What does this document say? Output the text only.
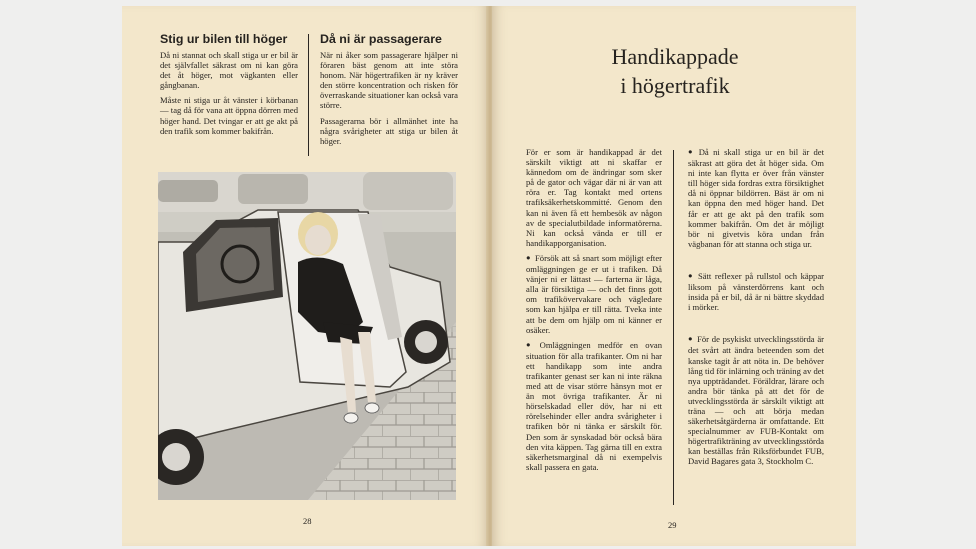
Stig ur bilen till höger

Då ni stannat och skall stiga ur er bil är det självfallet säkrast om ni kan göra det åt höger, mot vägkanten eller gångbanan.

Måste ni stiga ur åt vänster i körbanan — tag då för vana att öppna dörren med höger hand. Det tvingar er att ge akt på den trafik som kommer bakifrån.

Då ni är passagerare

När ni åker som passagerare hjälper ni föraren bäst genom att inte störa honom. När högertrafiken är ny kräver den större koncentration och risken för överraskande situationer kan också vara större.

Passagerarna bör i allmänhet inte ha några svårigheter att stiga ur bilen åt höger.

28
Handikappade
i högertrafik

För er som är handikappad är det särskilt viktigt att ni skaffar er kännedom om de ändringar som sker på de gator och vägar där ni är van att röra er. Tag kontakt med ortens trafiksäkerhetskommitté. Genom den kan ni även få ett hembesök av någon av de specialutbildade informatörerna. Ni kan också vända er till er handikapporganisation.

● Försök att så snart som möjligt efter omläggningen ge er ut i trafiken. Då vänjer ni er lättast — farterna är låga, alla är försiktiga — och det finns gott om trafikövervakare och vägledare som kan hjälpa er till rätta. Tveka inte att be dem om hjälp om ni känner er osäker.

● Omläggningen medför en ovan situation för alla trafikanter. Om ni har ett handikapp som inte andra trafikanter genast ser kan ni inte räkna med att de visar större hänsyn mot er än mot övriga trafikanter. Är ni hörselskadad eller döv, har ni ett rörelsehinder eller andra svårigheter i trafiken bör ni tänka er särskilt för. Den som är synskadad bör också bära den vita käppen. Tag gärna till en extra säkerhetsmarginal då ni exempelvis skall passera en gata.

● Då ni skall stiga ur en bil är det säkrast att göra det åt höger sida. Om ni inte kan flytta er över från vänster till höger sida fordras extra försiktighet då ni öppnar bildörren. Bäst är om ni kan öppna den med höger hand. Det får er att ge akt på den trafik som kommer bakifrån. Om det är möjligt bör ni givetvis köra undan från vägbanan för att stanna och stiga ur.

● Sätt reflexer på rullstol och käppar liksom på vänsterdörrens kant och insida på er bil, då är ni bättre skyddad i mörker.

● För de psykiskt utvecklingsstörda är det svårt att ändra beteenden som det kanske tagit år att nöta in. De behöver lång tid för inlärning och träning av det nya uppträdandet. Föräldrar, lärare och andra bör tänka på att det för de utvecklingsstörda är särskilt viktigt att träna — och att börja medan säkerhetsåtgärderna är omfattande. Ett specialnummer av FUB-Kontakt om högertrafikträning av utvecklingsstörda kan beställas från Riksförbundet FUB, David Bagares gata 3, Stockholm C.

29
